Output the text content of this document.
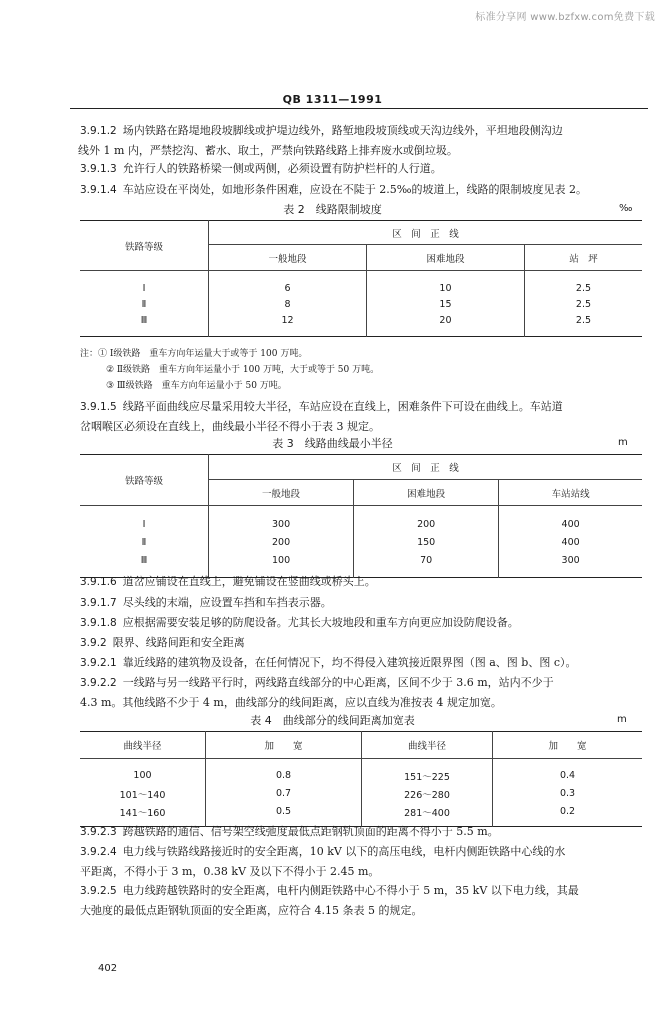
标准分享网 www.bzfxw.com免费下载
QB 1311—1991
3.9.1.2 场内铁路在路堤地段坡脚线或护堤边线外，路堑地段坡顶线或天沟边线外，平坦地段侧沟边
线外 1 m 内，严禁挖沟、蓄水、取土，严禁向铁路线路上排弃废水或倒垃圾。
3.9.1.3 允许行人的铁路桥梁一侧或两侧，必须设置有防护栏杆的人行道。
3.9.1.4 车站应设在平岗处，如地形条件困难，应设在不陡于 2.5‰的坡道上，线路的限制坡度见表 2。
表 2　线路限制坡度	‰
铁路等级	区　间　正　线		
	一般地段	困难地段	站　坪

Ⅰ	6	10	2.5
Ⅱ	8	15	2.5
Ⅲ	12	20	2.5

注：① Ⅰ级铁路　重车方向年运量大于或等于 100 万吨。
② Ⅱ级铁路　重车方向年运量小于 100 万吨，大于或等于 50 万吨。
③ Ⅲ级铁路　重车方向年运量小于 50 万吨。
3.9.1.5 线路平面曲线应尽量采用较大半径，车站应设在直线上，困难条件下可设在曲线上。车站道
岔咽喉区必须设在直线上，曲线最小半径不得小于表 3 规定。
表 3　线路曲线最小半径	m
铁路等级	区　间　正　线		
	一般地段	困难地段	车站站线

Ⅰ	300	200	400
Ⅱ	200	150	400
Ⅲ	100	70	300

3.9.1.6 道岔应铺设在直线上，避免铺设在竖曲线或桥头上。
3.9.1.7 尽头线的末端，应设置车挡和车挡表示器。
3.9.1.8 应根据需要安装足够的防爬设备。尤其长大坡地段和重车方向更应加设防爬设备。
3.9.2 限界、线路间距和安全距离
3.9.2.1 靠近线路的建筑物及设备，在任何情况下，均不得侵入建筑接近限界图（图 a、图 b、图 c）。
3.9.2.2 一线路与另一线路平行时，两线路直线部分的中心距离，区间不少于 3.6 m，站内不少于
4.3 m。其他线路不少于 4 m，曲线部分的线间距离，应以直线为准按表 4 规定加宽。
表 4　曲线部分的线间距离加宽表	m
曲线半径	加　　宽	曲线半径	加　　宽

100	0.8	151～225	0.4
101～140	0.7	226～280	0.3
141～160	0.5	281～400	0.2

3.9.2.3 跨越铁路的通信、信号架空线弛度最低点距钢轨顶面的距离不得小于 5.5 m。
3.9.2.4 电力线与铁路线路接近时的安全距离，10 kV 以下的高压电线，电杆内侧距铁路中心线的水
平距离，不得小于 3 m，0.38 kV 及以下不得小于 2.45 m。
3.9.2.5 电力线跨越铁路时的安全距离，电杆内侧距铁路中心不得小于 5 m，35 kV 以下电力线，其最
大弛度的最低点距钢轨顶面的安全距离，应符合 4.15 条表 5 的规定。
402
